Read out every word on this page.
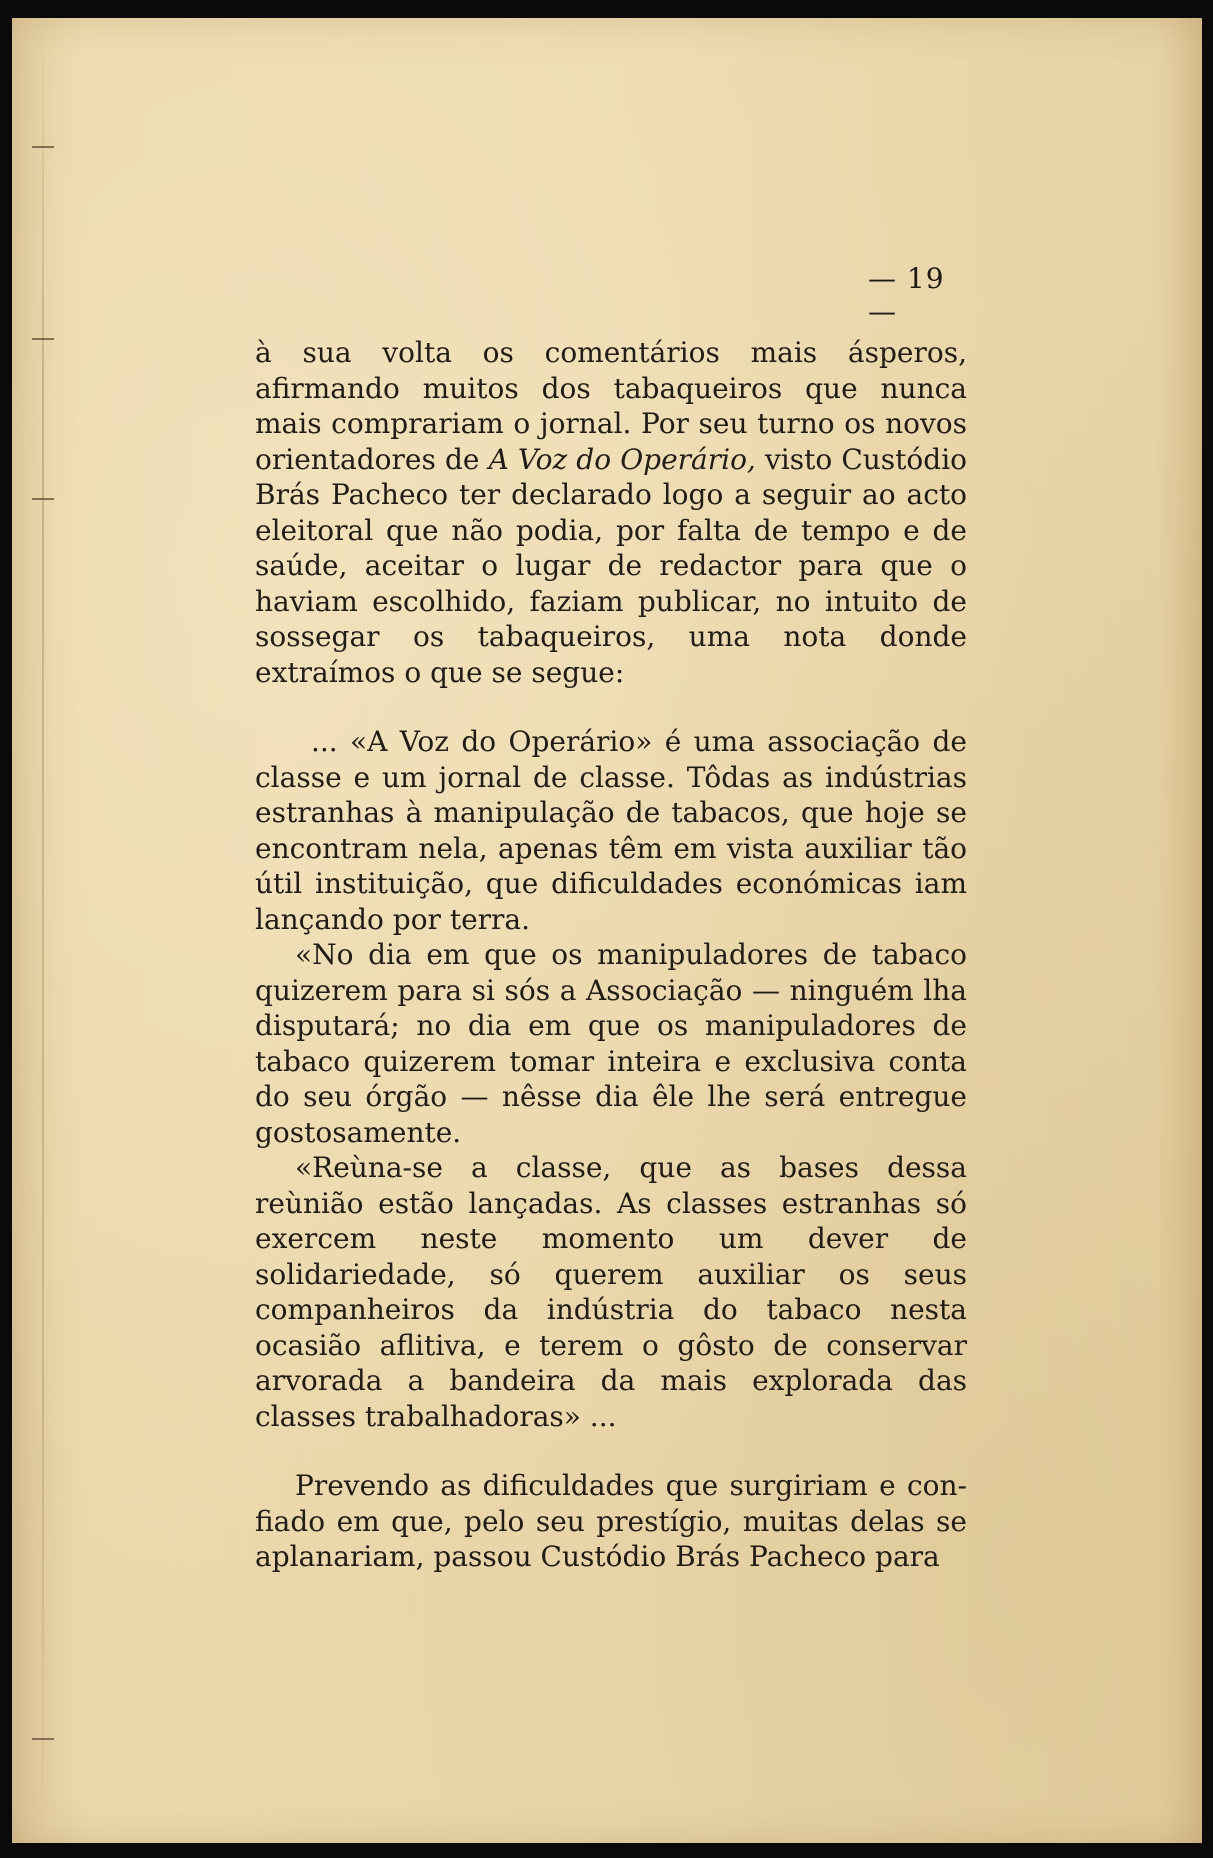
— 19 —

à sua volta os comentários mais ásperos, afirmando muitos dos tabaqueiros que nunca mais comprariam o jornal. Por seu turno os novos orientadores de A Voz do Operário, visto Custódio Brás Pacheco ter declarado logo a seguir ao acto eleitoral que não podia, por falta de tempo e de saúde, aceitar o lugar de redactor para que o haviam escolhido, faziam publicar, no intuito de sossegar os tabaqueiros, uma nota donde extraímos o que se segue:

... «A Voz do Operário» é uma associação de classe e um jornal de classe. Tôdas as indústrias estranhas à manipulação de tabacos, que hoje se encontram nela, apenas têm em vista auxiliar tão útil instituição, que dificuldades económicas iam lançando por terra.

«No dia em que os manipuladores de tabaco quizerem para si sós a Associação — ninguém lha disputará; no dia em que os manipuladores de tabaco quizerem tomar inteira e exclusiva conta do seu órgão — nêsse dia êle lhe será entregue gostosamente.

«Reùna-se a classe, que as bases dessa reùnião estão lançadas. As classes estranhas só exercem neste momento um dever de solidariedade, só querem auxiliar os seus companheiros da indústria do tabaco nesta ocasião aflitiva, e terem o gôsto de conservar arvorada a bandeira da mais explorada das classes trabalhadoras» ...

Prevendo as dificuldades que surgiriam e confiado em que, pelo seu prestígio, muitas delas se aplanariam, passou Custódio Brás Pacheco para
